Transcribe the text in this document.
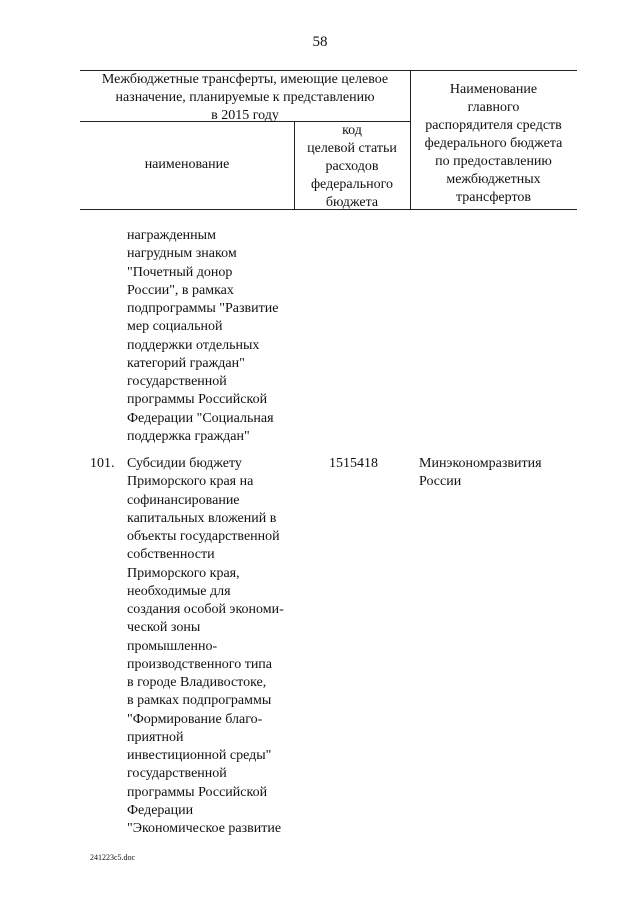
58
Межбюджетные трансферты, имеющие целевое
назначение, планируемые к представлению
в 2015 году
наименование
код
целевой статьи
расходов
федерального
бюджета
Наименование
главного
распорядителя средств
федерального бюджета
по предоставлению
межбюджетных
трансфертов
награжденным
нагрудным знаком
"Почетный донор
России", в рамках
подпрограммы "Развитие
мер социальной
поддержки отдельных
категорий граждан"
государственной
программы Российской
Федерации "Социальная
поддержка граждан"
101. Субсидии бюджету
Приморского края на
софинансирование
капитальных вложений в
объекты государственной
собственности
Приморского края,
необходимые для
создания особой экономи-
ческой зоны
промышленно-
производственного типа
в городе Владивостоке,
в рамках подпрограммы
"Формирование благо-
приятной
инвестиционной среды"
государственной
программы Российской
Федерации
"Экономическое развитие
1515418	Минэкономразвития
России
241223c5.doc
